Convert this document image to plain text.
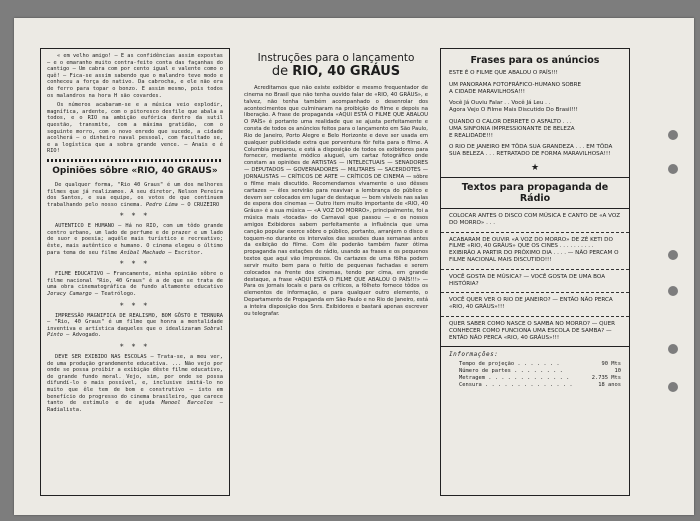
« em velho amigo! — E as confidências assim expostas — e o emaranho muito contra-feito conta das façanhas do cantigo — Um cabra com por cento igual e valente como o quê! — Fica-se assim sabendo que o malandro teve modo e conheceu a força do nativo. Da cabrocha, e ele não era de ferro para topar o bonzo. E assim mesmo, pois todos os malandros na hora H são covardes.

Os números acabaram-se e a música veio explodir, magnífica, ardente, com o pitoresco desfile que abala a todos, e o RIO na ambição eufórica dentro da sutil questão, transmite, com a máxima gratidão, com o seguinte morro, com o novo enredo que sucede, a cidade acolherá — o dinheiro naval pessoal, com facultado se, e a logística que a sobra grande vence. — Anais e é RIO!

Opiniões sôbre «RIO, 40 GRAUS»

De qualquer forma, "Rio 40 Graus" é um dos melhores filmes que já realizamos. A seu diretor, Nelson Pereira dos Santos, e sua equipe, os votos de que continuem trabalhando pelo nosso cinema. Pedro Lima — O CRUZEIRO

* * *

AUTENTICO E HUMANO — Há no RIO, com um tôdo grande centro urbano, um lado de perfume e de prazer e um lado de suor e poesia; aquêle mais turístico e recreativo; êste, mais autêntico e humano. O cinema elegeu o último para tema de seu filme Aníbal Machado — Escritor.

* * *

FILME EDUCATIVO — Francamente, minha opinião sôbre o filme nacional "Rio, 40 Graus" é a de que se trata de uma obra cinematográfica de fundo altamente educativo Joracy Camargo — Teatrólogo.

* * *

IMPRESSÃO MAGNIFICA DE REALISMO, BOM GÔSTO E TERNURA — "Rio, 40 Graus" é um filme que honra a mentalidade inventiva e artística daqueles que o idealizaram Sobral Pinto — Advogado.

* * *

DEVE SER EXIBIDO NAS ESCOLAS — Trata-se, a meu ver, de uma produção grandemente educativa. ... Não vejo por onde se possa proibir a exibição dêste filme educativo, de grande fundo moral. Vejo, sim, por onde se possa difundí-lo o mais possível, e, inclusive imitá-lo no muito que êle tem de bom e construtivo — isto em benefício do progresso do cinema brasileiro, que carece tanto de estímulo e de ajuda Manoel Barcelos — Radialista.

Instruções para o lançamento
de RIO, 40 GRÁUS

Acreditamos que não existe exibidor e mesmo frequentador de cinema no Brasil que não tenha ouvido falar de «RIO, 40 GRÁUS», e talvez, não tenha também acompanhado o desenrolar dos acontecimentos que culminaram na proibição do filme e depois na liberação. A frase de propaganda «AQUI ESTÁ O FILME QUE ABALOU O PAÍS» é portanto uma realidade que se ajusta perfeitamente e consta de todos os anúncios feitos para o lançamento em São Paulo, Rio de Janeiro, Porto Alegre e Belo Horizonte e deve ser usada em qualquer publicidade extra que porventura fôr feita para o filme. A Columbia preparou, e está a disposição de todos os exibidores para fornecer, mediante módico aluguel, um cartaz fotográfico onde constam as opiniões de ARTISTAS — INTELECTUAIS — SENADORES — DEPUTADOS — GOVERNADORES — MILITARES — SACERDOTES — JORNALISTAS — CRÍTICOS DE ARTE — CRÍTICOS DE CINEMA — sôbre o filme mais discutido. Recomendamos vivamente o uso dêsses cartazes — êles servirão para reavivar a lembrança do público e devem ser colocados em lugar de destaque — bem visíveis nas salas de espera dos cinemas — Outro item muito importante de «RIO, 40 Gráus» é a sua música — «A VOZ DO MORRO», principalmente, foi a música mais «tocada» do Carnaval que passou — e os nossos amigos Exibidores sabem perfeitamente a influência que uma canção popular exerce sôbre o público, portanto, arranjem o disco e toquem-no durante os intervalos das sessões duas semanas antes da exibição do filme. Com êle poderão também fazer ótima propaganda nas estações de rádio, usando as frases e os pequenos textos que aqui vão impressos. Os cartazes de uma fôlha podem servir muito bem para o feitio de pequenas fachadas e serem colocados na frente dos cinemas, tendo por cima, em grande destaque, a frase «AQUI ESTÁ O FILME QUE ABALOU O PAÍS!!!» — Para os jornais locais e para os críticos, a fôlheto fornece tôdos os elementos de informação, e para qualquer outro elemento, o Departamento de Propaganda em São Paulo e no Rio de Janeiro, está a inteira disposição dos Snrs. Exibidores e bastará apenas escrever ou telegrafar.

Frases para os anúncios

ESTE É O FILME QUE ABALOU O PAÍS!!!

UM PANORAMA FOTOFRÁFICO-HUMANO SOBRE

A CIDADE MARAVILHOSA!!!

Você Já Ouviu Falar . . Você Já Leu . .

Agora Vejo O Filme Mais Discutido Do Brasil!!!

QUANDO O CALOR DERRETE O ASFALTO . . .

UMA SINFONIA IMPRESSIONANTE DE BELEZA

E REALIDADE!!!

O RIO DE JANEIRO EM TÔDA SUA GRANDEZA . . . EM TÔDA SUA BELEZA . . . RETRATADO DE FORMA MARAVILHOSA!!!

★
Textos para propaganda de Rádio

COLOCAR ANTES O DISCO COM MÚSICA E CANTO DE «A VOZ DO MORRO» . . .

ACABARAM DE OUVIR «A VOZ DO MORRO» DE ZÉ KETI DO FILME «RIO, 40 GRÁUS» QUE OS CINES . . . . . . . . . . EXIBIRÃO A PARTIR DO PRÓXIMO DIA . . . . — NÃO PERCAM O FILME NACIONAL MAIS DISCUTIDO!!!

VOCÊ GOSTA DE MÚSICA? — VOCÊ GOSTA DE UMA BOA HISTÓRIA?

VOCÊ QUER VER O RIO DE JANEIRO? — ENTÃO NÃO PERCA «RIO, 40 GRÁUS»!!!

QUER SABER COMO NASCE O SAMBA NO MORRO? — QUER CONHECER COMO FUNCIONA UMA ESCOLA DE SAMBA? — ENTÃO NÃO PERCA «RIO, 40 GRÁUS»!!!

Informações:
Tempo de projeção . . . . . . .	90 Mts
Número de partes . . . . . . . .	10
Metragem . . . . . . . . . . . . .	2.735 Mts
Censura . . . . . . . . . . . . . .	18 anos
